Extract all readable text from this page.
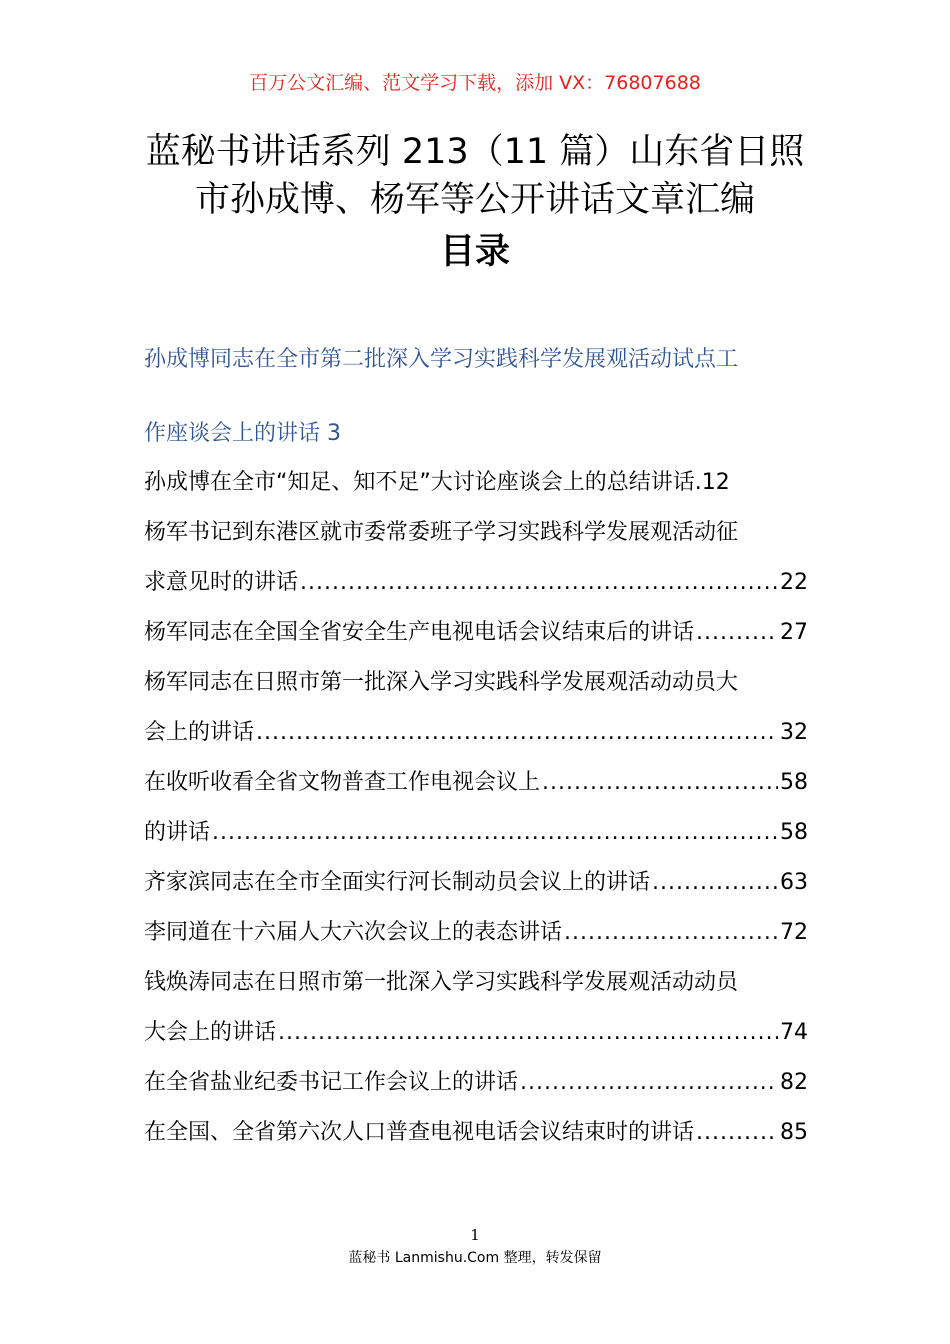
百万公文汇编、范文学习下载，添加 VX：76807688
蓝秘书讲话系列 213（11 篇）山东省日照
市孙成博、杨军等公开讲话文章汇编
目录
孙成博同志在全市第二批深入学习实践科学发展观活动试点工
作座谈会上的讲话 3
孙成博在全市“知足、知不足”大讨论座谈会上的总结讲话. 12
杨军书记到东港区就市委常委班子学习实践科学发展观活动征
求意见时的讲话 .....	22
杨军同志在全国全省安全生产电视电话会议结束后的讲话 .....	27
杨军同志在日照市第一批深入学习实践科学发展观活动动员大
会上的讲话 .....	32
在收听收看全省文物普查工作电视会议上 .....	58
的讲话 .....	58
齐家滨同志在全市全面实行河长制动员会议上的讲话 .....	63
李同道在十六届人大六次会议上的表态讲话 .....	72
钱焕涛同志在日照市第一批深入学习实践科学发展观活动动员
大会上的讲话 .....	74
在全省盐业纪委书记工作会议上的讲话 .....	82
在全国、全省第六次人口普查电视电话会议结束时的讲话 .....	85
1
蓝秘书 Lanmishu.Com 整理，转发保留
